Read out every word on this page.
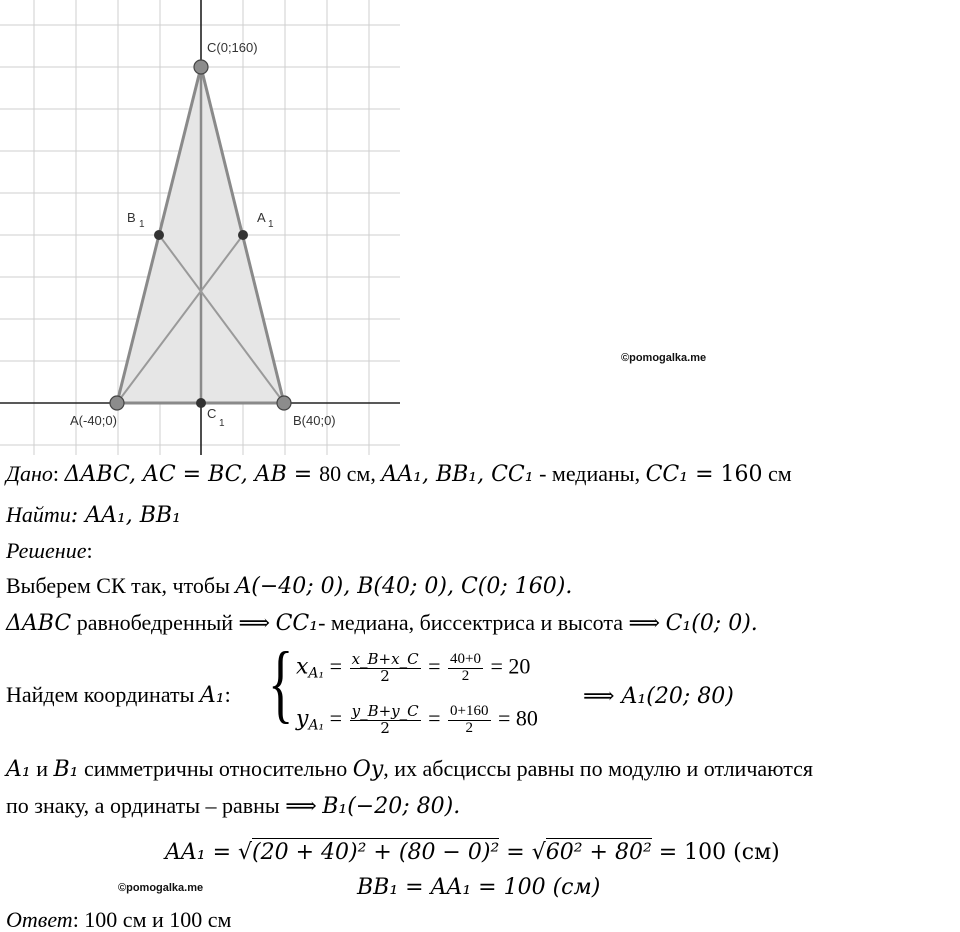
C(0;160)
B 1	A 1
A(-40;0)	C
1	B(40;0)
©pomogalka.me
Дано: ΔABC, AC = BC, AB = 80 см, AA₁, BB₁, CC₁ - медианы, CC₁ = 160 см
Найти: AA₁, BB₁
Решение:
Выберем СК так, чтобы A(−40; 0), B(40; 0), C(0; 160).
ΔABC равнобедренный ⟹ CC₁- медиана, биссектриса и высота ⟹ C₁(0; 0).
Найдем координаты A₁: { $x_{A_1} = \frac{x\_B+x\_C}{2} = \frac{40+0}{2} = 20$
$y_{A_1} = \frac{y\_B+y\_C}{2} = \frac{0+160}{2} = 80$
⟹ A₁(20; 80)
A₁ и B₁ симметричны относительно Oy, их абсциссы равны по модулю и отличаются
по знаку, а ординаты – равны ⟹ B₁(−20; 80).
AA₁ = √(20 + 40)² + (80 − 0)² = √60² + 80² = 100 (см)
BB₁ = AA₁ = 100 (см)
©pomogalka.me
Ответ: 100 см и 100 см
